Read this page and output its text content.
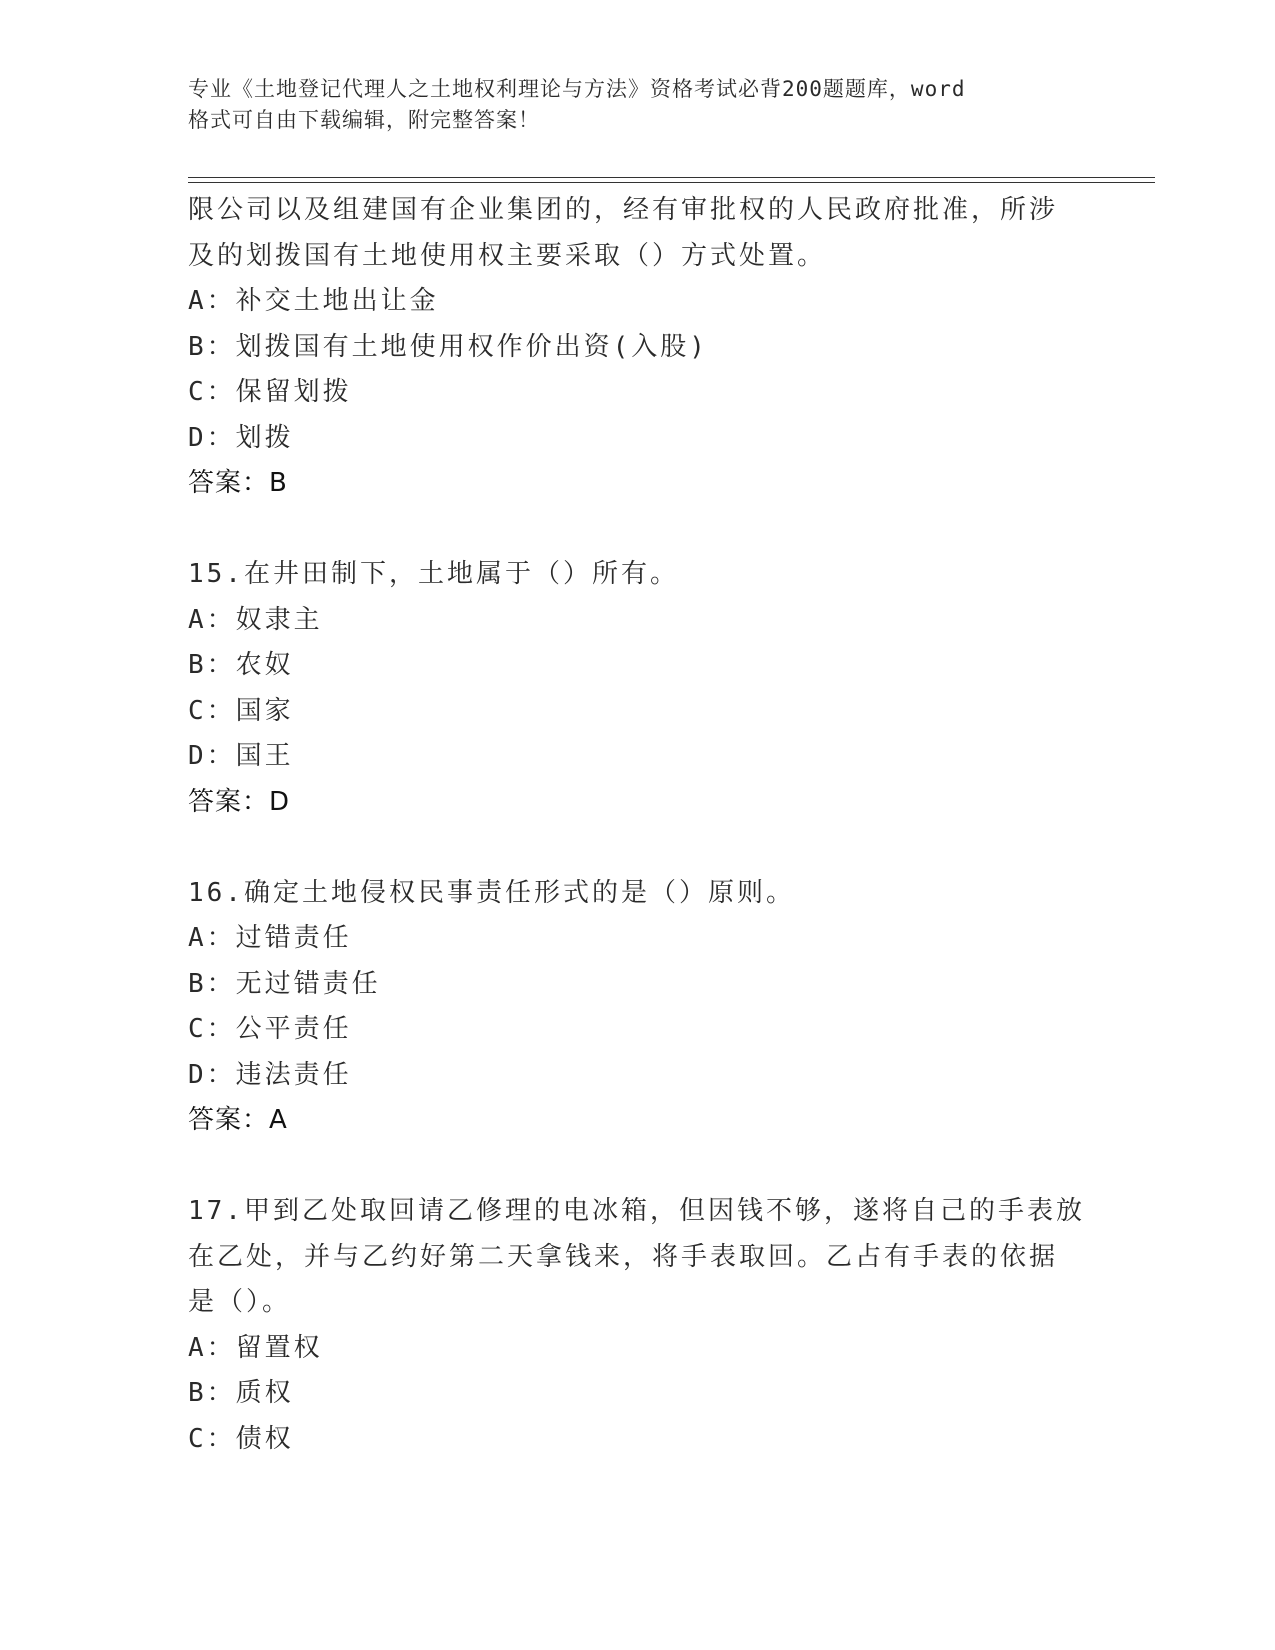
专业《土地登记代理人之土地权利理论与方法》资格考试必背200题题库，word
格式可自由下载编辑，附完整答案！
限公司以及组建国有企业集团的，经有审批权的人民政府批准，所涉
及的划拨国有土地使用权主要采取（）方式处置。
A：补交土地出让金
B：划拨国有土地使用权作价出资(入股)
C：保留划拨
D：划拨
答案：B
15.在井田制下，土地属于（）所有。
A：奴隶主
B：农奴
C：国家
D：国王
答案：D
16.确定土地侵权民事责任形式的是（）原则。
A：过错责任
B：无过错责任
C：公平责任
D：违法责任
答案：A
17.甲到乙处取回请乙修理的电冰箱，但因钱不够，遂将自己的手表放
在乙处，并与乙约好第二天拿钱来，将手表取回。乙占有手表的依据
是（）。
A：留置权
B：质权
C：债权
